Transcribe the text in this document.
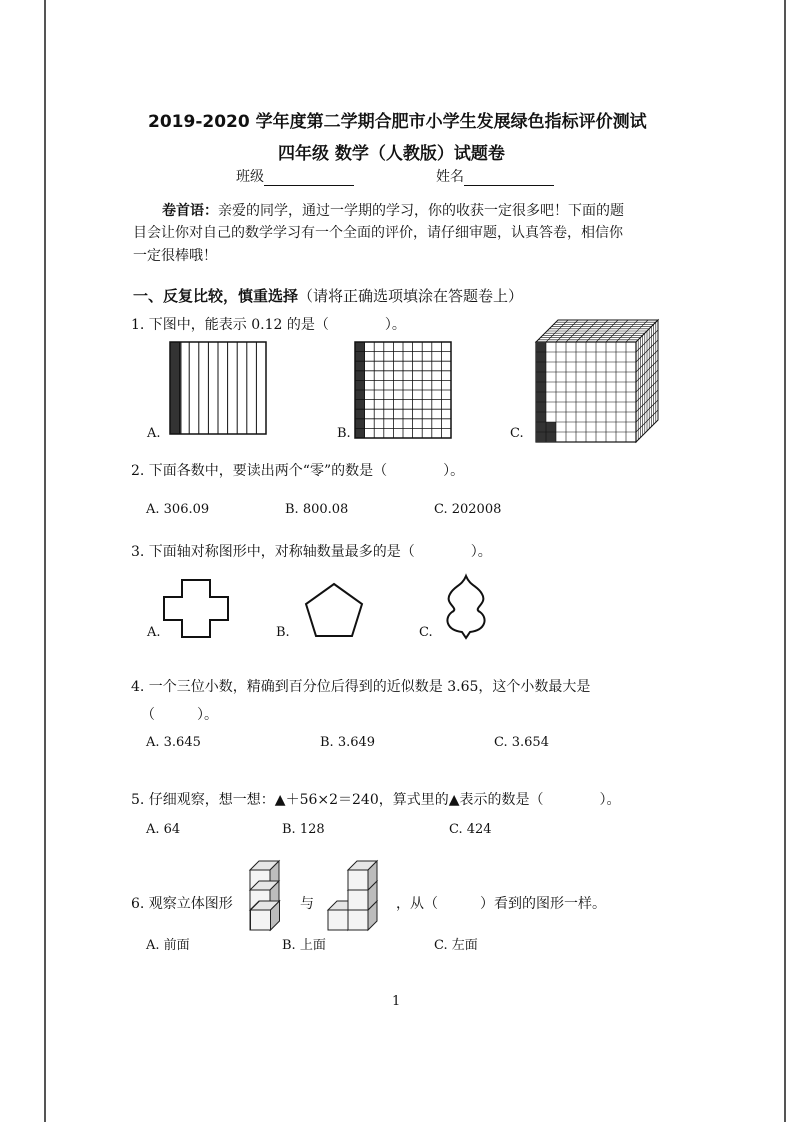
2019-2020 学年度第二学期合肥市小学生发展绿色指标评价测试
四年级 数学（人教版）试题卷
班级	姓名
卷首语：亲爱的同学，通过一学期的学习，你的收获一定很多吧！下面的题
目会让你对自己的数学学习有一个全面的评价，请仔细审题，认真答卷，相信你
一定很棒哦！
一、反复比较，慎重选择（请将正确选项填涂在答题卷上）
1. 下图中，能表示 0.12 的是（　　　　）。
A.	B.	C.
2. 下面各数中，要读出两个“零”的数是（　　　　）。
A. 306.09	B. 800.08	C. 202008
3. 下面轴对称图形中，对称轴数量最多的是（　　　　）。
A.	B.	C.
4. 一个三位小数，精确到百分位后得到的近似数是 3.65，这个小数最大是
（　　　）。
A. 3.645	B. 3.649	C. 3.654
5. 仔细观察，想一想：▲＋56×2＝240，算式里的▲表示的数是（　　　　）。
A. 64	B. 128	C. 424
6. 观察立体图形	与	，从（　　　）看到的图形一样。
A. 前面	B. 上面	C. 左面
1
